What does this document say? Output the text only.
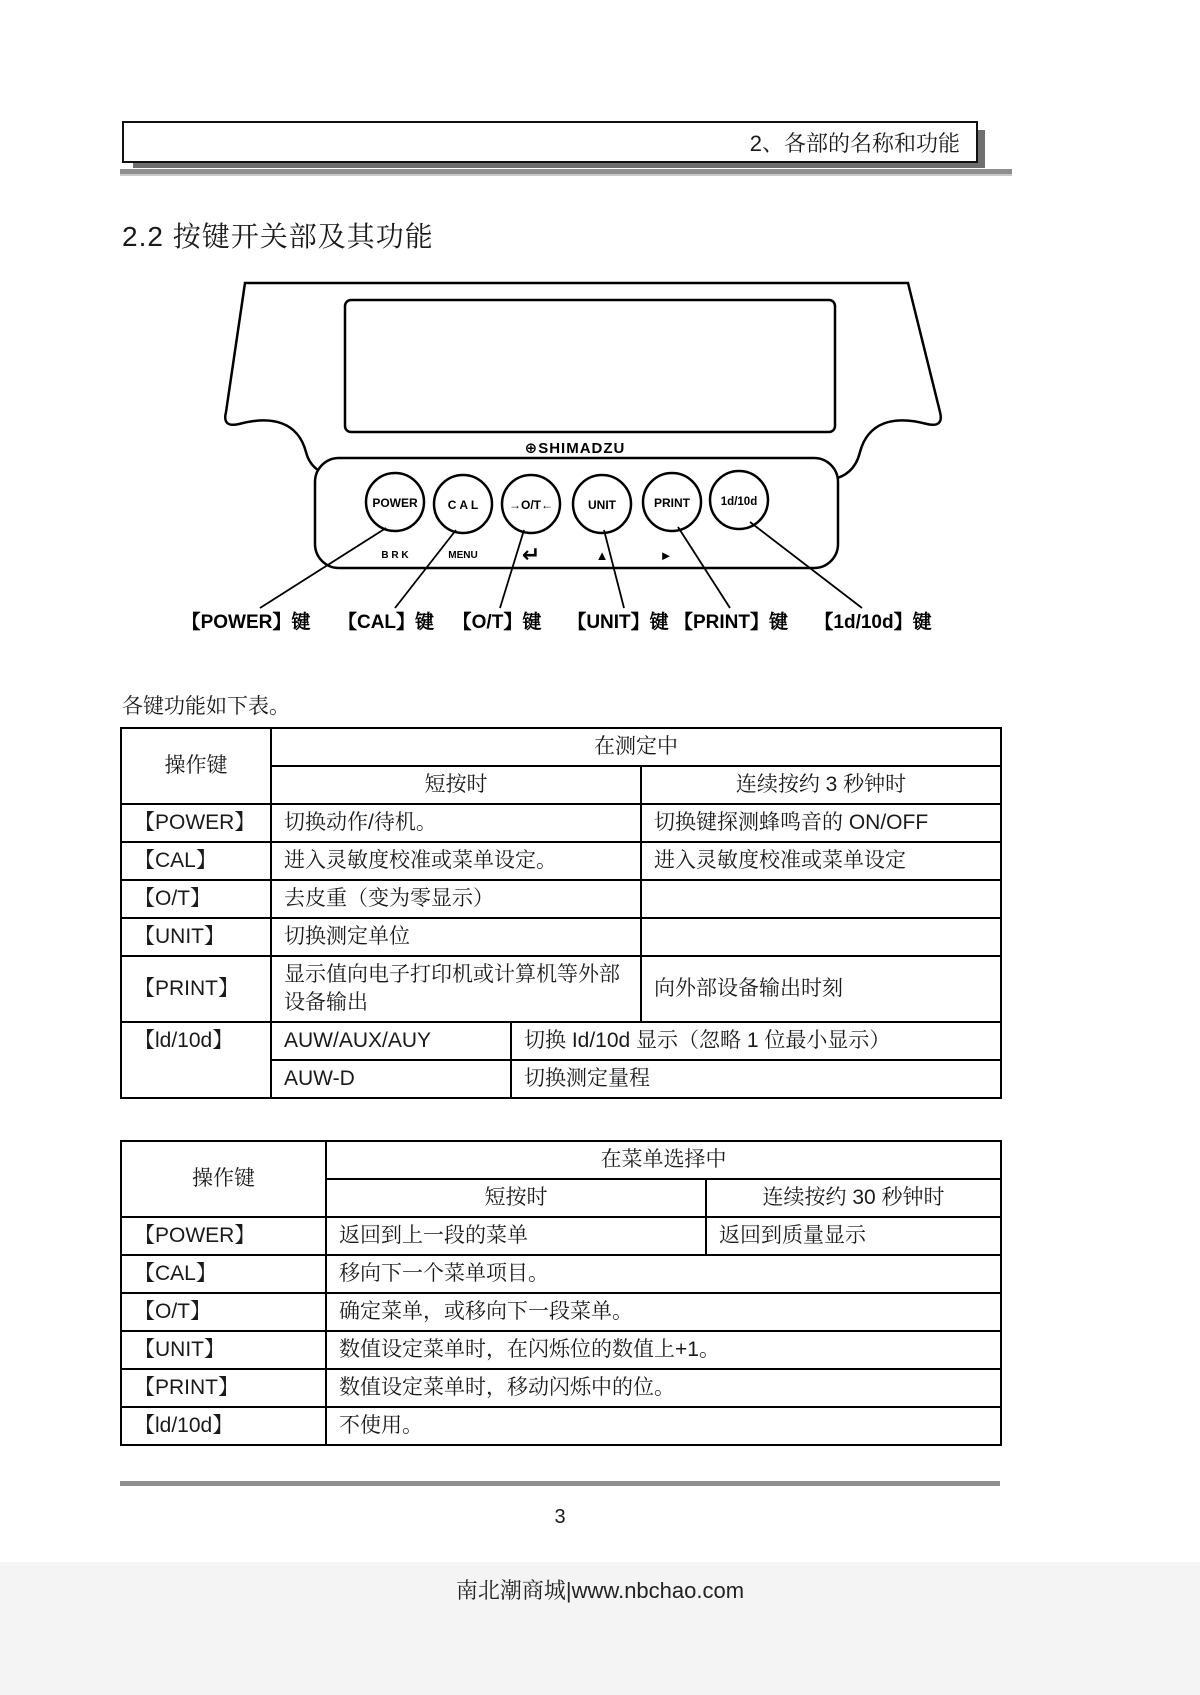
2、各部的名称和功能
2.2 按键开关部及其功能
⊕SHIMADZU
POWER
B R K
C A L
MENU
→O/T←
↵
UNIT
▲
PRINT
►
1d/10d
【POWER】键 【CAL】键 【O/T】键 【UNIT】键 【PRINT】键 【1d/10d】键
各键功能如下表。
操作键	在测定中		
	短按时		连续按约 3 秒钟时
【POWER】	切换动作/待机。		切换键探测蜂鸣音的 ON/OFF
【CAL】	进入灵敏度校准或菜单设定。		进入灵敏度校准或菜单设定
【O/T】	去皮重（变为零显示）		
【UNIT】	切换测定单位		
【PRINT】	显示值向电子打印机或计算机等外部设备输出		向外部设备输出时刻
【ld/10d】	AUW/AUX/AUY	切换 Id/10d 显示（忽略 1 位最小显示）	
	AUW-D	切换测定量程	
操作键	在菜单选择中	
	短按时	连续按约 30 秒钟时
【POWER】	返回到上一段的菜单	返回到质量显示
【CAL】	移向下一个菜单项目。	
【O/T】	确定菜单，或移向下一段菜单。	
【UNIT】	数值设定菜单时，在闪烁位的数值上+1。	
【PRINT】	数值设定菜单时，移动闪烁中的位。	
【ld/10d】	不使用。	
3
南北潮商城|www.nbchao.com
